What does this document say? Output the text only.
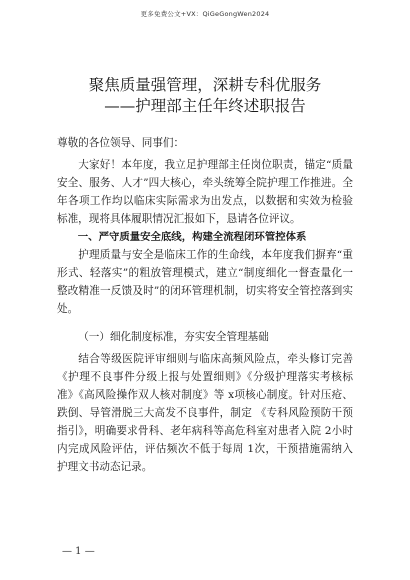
更多免费公文+VX：QiGeGongWen2024
聚焦质量强管理，深耕专科优服务
——护理部主任年终述职报告

尊敬的各位领导、同事们：

大家好！本年度，我立足护理部主任岗位职责，锚定“质量安全、服务、人才”四大核心，牵头统筹全院护理工作推进。全年各项工作均以临床实际需求为出发点，以数据和实效为检验标准，现将具体履职情况汇报如下，恳请各位评议。

一、严守质量安全底线，构建全流程闭环管控体系

护理质量与安全是临床工作的生命线，本年度我们摒弃“重形式、轻落实”的粗放管理模式，建立“制度细化一督查量化一整改精准一反馈及时”的闭环管理机制，切实将安全管控落到实处。

（一）细化制度标准，夯实安全管理基础

结合等级医院评审细则与临床高频风险点，牵头修订完善《护理不良事件分级上报与处置细则》《分级护理落实考核标准》《高风险操作双人核对制度》等 x项核心制度。针对压疮、跌倒、导管滑脱三大高发不良事件，制定 《专科风险预防干预指引》，明确要求骨科、老年病科等高危科室对患者入院 2小时内完成风险评估，评估频次不低于每周 1次，干预措施需纳入护理文书动态记录。

— 1 —
